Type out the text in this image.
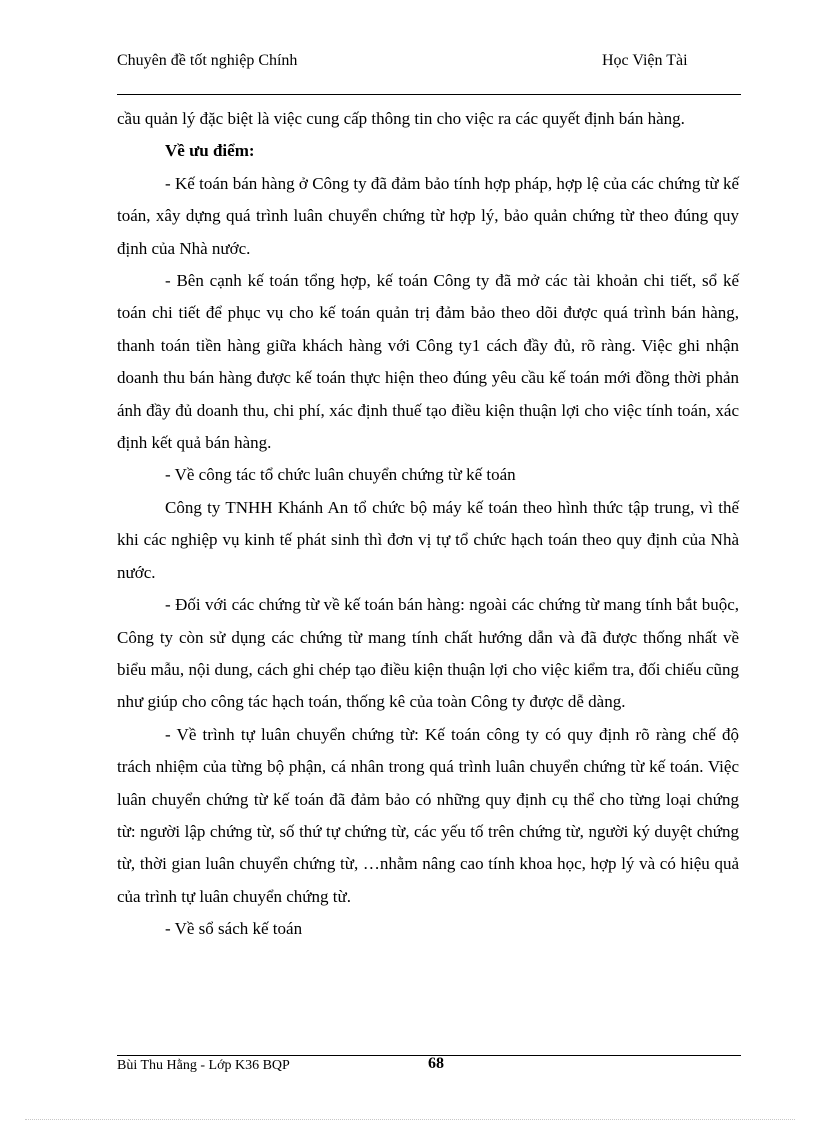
Chuyên đề tốt nghiệp Chính	Học Viện Tài

cầu quản lý đặc biệt là việc cung cấp thông tin cho việc ra các quyết định bán hàng.

Về ưu điểm:

- Kế toán bán hàng ở Công ty đã đảm bảo tính hợp pháp, hợp lệ của các chứng từ kế toán, xây dựng quá trình luân chuyển chứng từ hợp lý, bảo quản chứng từ theo đúng quy định của Nhà nước.

- Bên cạnh kế toán tổng hợp, kế toán Công ty đã mở các tài khoản chi tiết, sổ kế toán chi tiết để phục vụ cho kế toán quản trị đảm bảo theo dõi được quá trình bán hàng, thanh toán tiền hàng giữa khách hàng với Công ty1 cách đầy đủ, rõ ràng. Việc ghi nhận doanh thu bán hàng được kế toán thực hiện theo đúng yêu cầu kế toán mới đồng thời phản ánh đầy đủ doanh thu, chi phí, xác định thuế tạo điều kiện thuận lợi cho việc tính toán, xác định kết quả bán hàng.

- Về công tác tổ chức luân chuyển chứng từ kế toán

Công ty TNHH Khánh An tổ chức bộ máy kế toán theo hình thức tập trung, vì thế khi các nghiệp vụ kinh tế phát sinh thì đơn vị tự tổ chức hạch toán theo quy định của Nhà nước.

- Đối với các chứng từ về kế toán bán hàng: ngoài các chứng từ mang tính bắt buộc, Công ty còn sử dụng các chứng từ mang tính chất hướng dẫn và đã được thống nhất về biểu mẫu, nội dung, cách ghi chép tạo điều kiện thuận lợi cho việc kiểm tra, đối chiếu cũng như giúp cho công tác hạch toán, thống kê của toàn Công ty được dễ dàng.

- Về trình tự luân chuyển chứng từ: Kế toán công ty có quy định rõ ràng chế độ trách nhiệm của từng bộ phận, cá nhân trong quá trình luân chuyển chứng từ kế toán. Việc luân chuyển chứng từ kế toán đã đảm bảo có những quy định cụ thể cho từng loại chứng từ: người lập chứng từ, số thứ tự chứng từ, các yếu tố trên chứng từ, người ký duyệt chứng từ, thời gian luân chuyển chứng từ, …nhằm nâng cao tính khoa học, hợp lý và có hiệu quả của trình tự luân chuyển chứng từ.

- Về sổ sách kế toán

Bùi Thu Hằng - Lớp K36 BQP	68
